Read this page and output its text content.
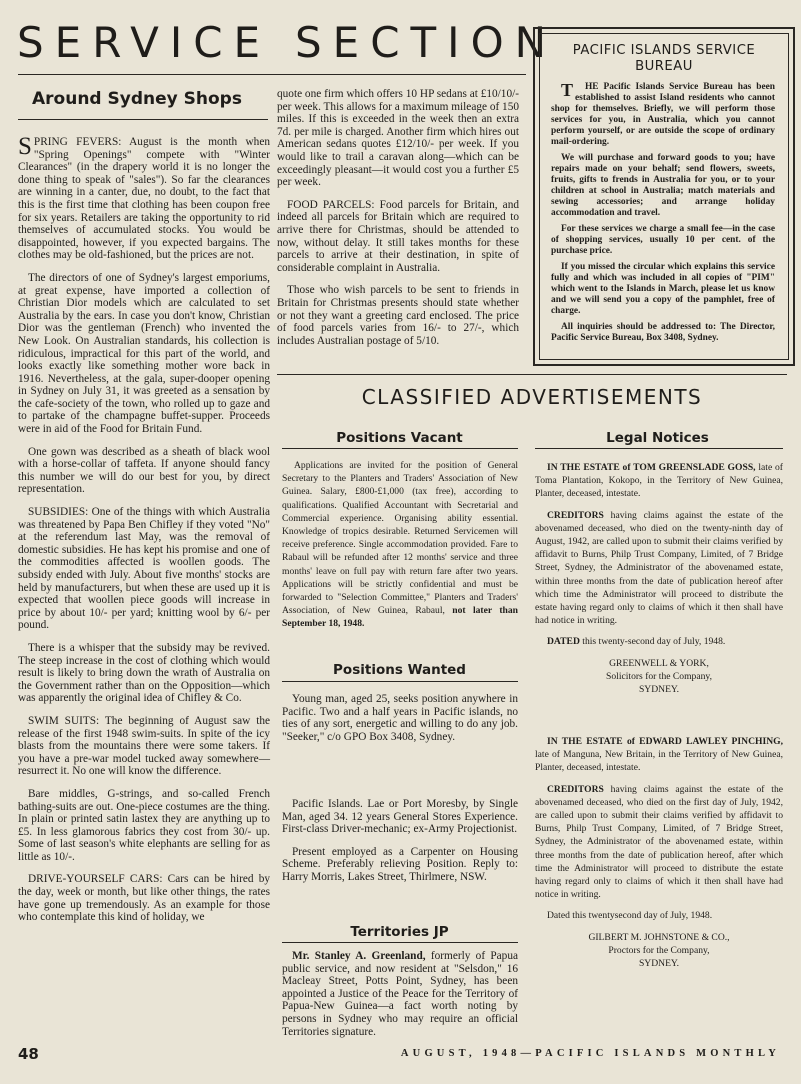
SERVICE SECTION
Around Sydney Shops

SPRING FEVERS: August is the month when "Spring Openings" compete with "Winter Clearances" (in the drapery world it is no longer the done thing to speak of "sales"). So far the clearances are winning in a canter, due, no doubt, to the fact that this is the first time that clothing has been coupon free for six years. Retailers are taking the opportunity to rid themselves of accumulated stocks. You would be disappointed, however, if you expected bargains. The clothes may be old-fashioned, but the prices are not.

The directors of one of Sydney's largest emporiums, at great expense, have imported a collection of Christian Dior models which are calculated to set Australia by the ears. In case you don't know, Christian Dior was the gentleman (French) who invented the New Look. On Australian standards, his collection is ridiculous, impractical for this part of the world, and looks exactly like something mother wore back in 1916. Nevertheless, at the gala, super-dooper opening in Sydney on July 31, it was greeted as a sensation by the cafe-society of the town, who rolled up to gaze and to partake of the champagne buffet-supper. Proceeds were in aid of the Food for Britain Fund.

One gown was described as a sheath of black wool with a horse-collar of taffeta. If anyone should fancy this number we will do our best for you, by direct representation.

SUBSIDIES: One of the things with which Australia was threatened by Papa Ben Chifley if they voted "No" at the referendum last May, was the removal of domestic subsidies. He has kept his promise and one of the commodities affected is woollen goods. The subsidy ended with July. About five months' stocks are held by manufacturers, but when these are used up it is expected that woollen piece goods will increase in price by about 10/- per yard; knitting wool by 6/- per pound.

There is a whisper that the subsidy may be revived. The steep increase in the cost of clothing which would result is likely to bring down the wrath of Australia on the Government rather than on the Opposition—which was apparently the original idea of Chifley & Co.

SWIM SUITS: The beginning of August saw the release of the first 1948 swim-suits. In spite of the icy blasts from the mountains there were some takers. If you have a pre-war model tucked away somewhere—resurrect it. No one will know the difference.

Bare middles, G-strings, and so-called French bathing-suits are out. One-piece costumes are the thing. In plain or printed satin lastex they are anything up to £5. In less glamorous fabrics they cost from 30/- up. Some of last season's white elephants are selling for as little as 10/-.

DRIVE-YOURSELF CARS: Cars can be hired by the day, week or month, but like other things, the rates have gone up tremendously. As an example for those who contemplate this kind of holiday, we

quote one firm which offers 10 HP sedans at £10/10/- per week. This allows for a maximum mileage of 150 miles. If this is exceeded in the week then an extra 7d. per mile is charged. Another firm which hires out American sedans quotes £12/10/- per week. If you would like to trail a caravan along—which can be exceedingly pleasant—it would cost you a further £5 per week.

FOOD PARCELS: Food parcels for Britain, and indeed all parcels for Britain which are required to arrive there for Christmas, should be attended to now, without delay. It still takes months for these parcels to arrive at their destination, in spite of considerable complaint in Australia.

Those who wish parcels to be sent to friends in Britain for Christmas presents should state whether or not they want a greeting card enclosed. The price of food parcels varies from 16/- to 27/-, which includes Australian postage of 5/10.

PACIFIC ISLANDS SERVICE
BUREAU

T HE Pacific Islands Service Bureau has been established to assist Island residents who cannot shop for themselves. Briefly, we will perform those services for you, in Australia, which you cannot perform yourself, or are outside the scope of ordinary mail-ordering.

We will purchase and forward goods to you; have repairs made on your behalf; send flowers, sweets, fruits, gifts to frends in Australia for you, or to your children at school in Australia; match materials and sewing accessories; and arrange holiday accommodation and travel.

For these services we charge a small fee—in the case of shopping services, usually 10 per cent. of the purchase price.

If you missed the circular which explains this service fully and which was included in all copies of "PIM" which went to the Islands in March, please let us know and we will send you a copy of the pamphlet, free of charge.

All inquiries should be addressed to: The Director, Pacific Service Bureau, Box 3408, Sydney.

CLASSIFIED ADVERTISEMENTS
Positions Vacant

Applications are invited for the position of General Secretary to the Planters and Traders' Association of New Guinea. Salary, £800-£1,000 (tax free), according to qualifications. Qualified Accountant with Secretarial and Commercial experience. Organising ability essential. Knowledge of tropics desirable. Returned Servicemen will receive preference. Single accommodation provided. Fare to Rabaul will be refunded after 12 months' service and three months' leave on full pay with return fare after two years. Applications will be strictly confidential and must be forwarded to "Selection Committee," Planters and Traders' Association, of New Guinea, Rabaul, not later than September 18, 1948.

Positions Wanted

Young man, aged 25, seeks position anywhere in Pacific. Two and a half years in Pacific islands, no ties of any sort, energetic and willing to do any job. "Seeker," c/o GPO Box 3408, Sydney.

Pacific Islands. Lae or Port Moresby, by Single Man, aged 34. 12 years General Stores Experience. First-class Driver-mechanic; ex-Army Projectionist.

Present employed as a Carpenter on Housing Scheme. Preferably relieving Position. Reply to: Harry Morris, Lakes Street, Thirlmere, NSW.

Territories JP

Mr. Stanley A. Greenland, formerly of Papua public service, and now resident at "Selsdon," 16 Macleay Street, Potts Point, Sydney, has been appointed a Justice of the Peace for the Territory of Papua-New Guinea—a fact worth noting by persons in Sydney who may require an official Territories signature.

Legal Notices

IN THE ESTATE of TOM GREENSLADE GOSS, late of Toma Plantation, Kokopo, in the Territory of New Guinea, Planter, deceased, intestate.

CREDITORS having claims against the estate of the abovenamed deceased, who died on the twenty-ninth day of August, 1942, are called upon to submit their claims verified by affidavit to Burns, Philp Trust Company, Limited, of 7 Bridge Street, Sydney, the Administrator of the abovenamed estate, within three months from the date of publication hereof after which time the Administrator will proceed to distribute the estate having regard only to claims of which it then shall have had notice in writing.

DATED this twenty-second day of July, 1948.

GREENWELL & YORK,
Solicitors for the Company,
SYDNEY.

IN THE ESTATE of EDWARD LAWLEY PINCHING, late of Manguna, New Britain, in the Territory of New Guinea, Planter, deceased, intestate.

CREDITORS having claims against the estate of the abovenamed deceased, who died on the first day of July, 1942, are called upon to submit their claims verified by affidavit to Burns, Philp Trust Company, Limited, of 7 Bridge Street, Sydney, the Administrator of the abovenamed estate, within three months from the date of publication hereof, after which time the Administrator will proceed to distribute the estate having regard only to claims of which it then shall have had notice in writing.

Dated this twentysecond day of July, 1948.

GILBERT M. JOHNSTONE & CO.,
Proctors for the Company,
SYDNEY.
48	AUGUST, 1948—PACIFIC ISLANDS MONTHLY
